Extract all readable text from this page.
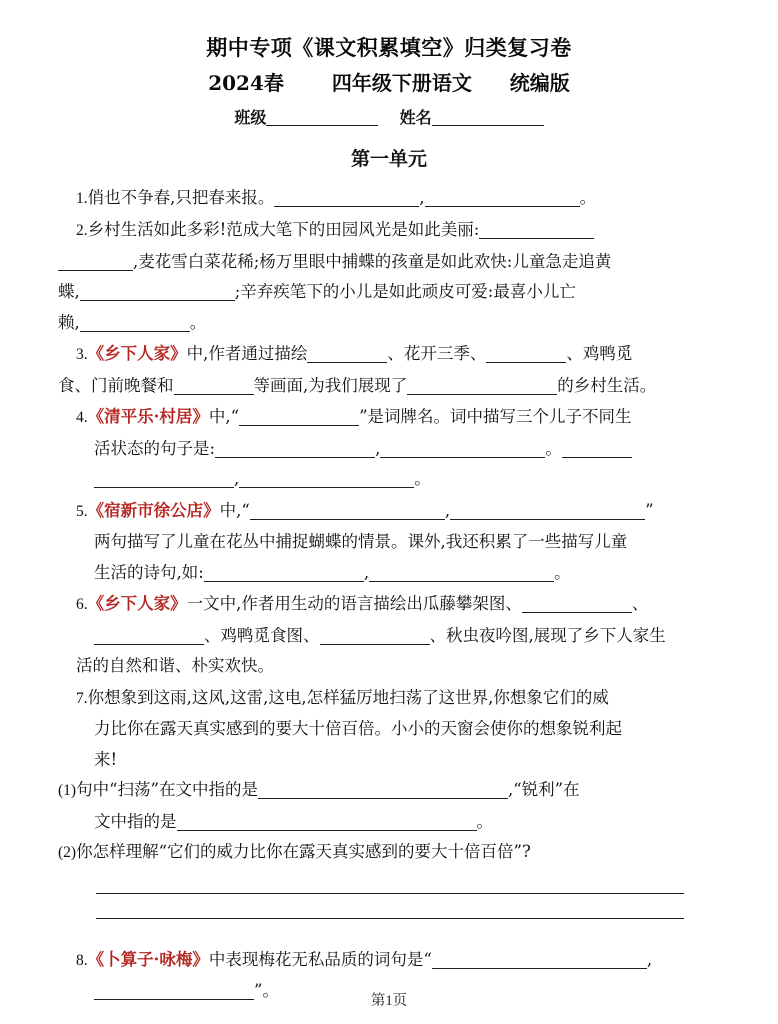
期中专项《课文积累填空》归类复习卷
2024春 四年级下册语文 统编版
班级	姓名
第一单元

1.俏也不争春,只把春来报。	,	。

2.乡村生活如此多彩!范成大笔下的田园风光是如此美丽:

,麦花雪白菜花稀;杨万里眼中捕蝶的孩童是如此欢快:儿童急走追黄

蝶,	;辛弃疾笔下的小儿是如此顽皮可爱:最喜小儿亡

赖,	。

3.《乡下人家》中,作者通过描绘	、花开三季、	、鸡鸭觅

食、门前晚餐和	等画面,为我们展现了	的乡村生活。

4.《清平乐·村居》中,“	”是词牌名。词中描写三个儿子不同生

活状态的句子是:	,	。

,	。

5.《宿新市徐公店》中,“	,	”

两句描写了儿童在花丛中捕捉蝴蝶的情景。课外,我还积累了一些描写儿童

生活的诗句,如:	,	。

6.《乡下人家》一文中,作者用生动的语言描绘出瓜藤攀架图、	、

、鸡鸭觅食图、	、秋虫夜吟图,展现了乡下人家生

活的自然和谐、朴实欢快。

7.你想象到这雨,这风,这雷,这电,怎样猛厉地扫荡了这世界,你想象它们的威

力比你在露天真实感到的要大十倍百倍。小小的天窗会使你的想象锐利起

来!

(1)句中“扫荡”在文中指的是	,“锐利”在

文中指的是	。

(2)你怎样理解“它们的威力比你在露天真实感到的要大十倍百倍”?

8.《卜算子·咏梅》中表现梅花无私品质的词句是“	,

”。

第1页
